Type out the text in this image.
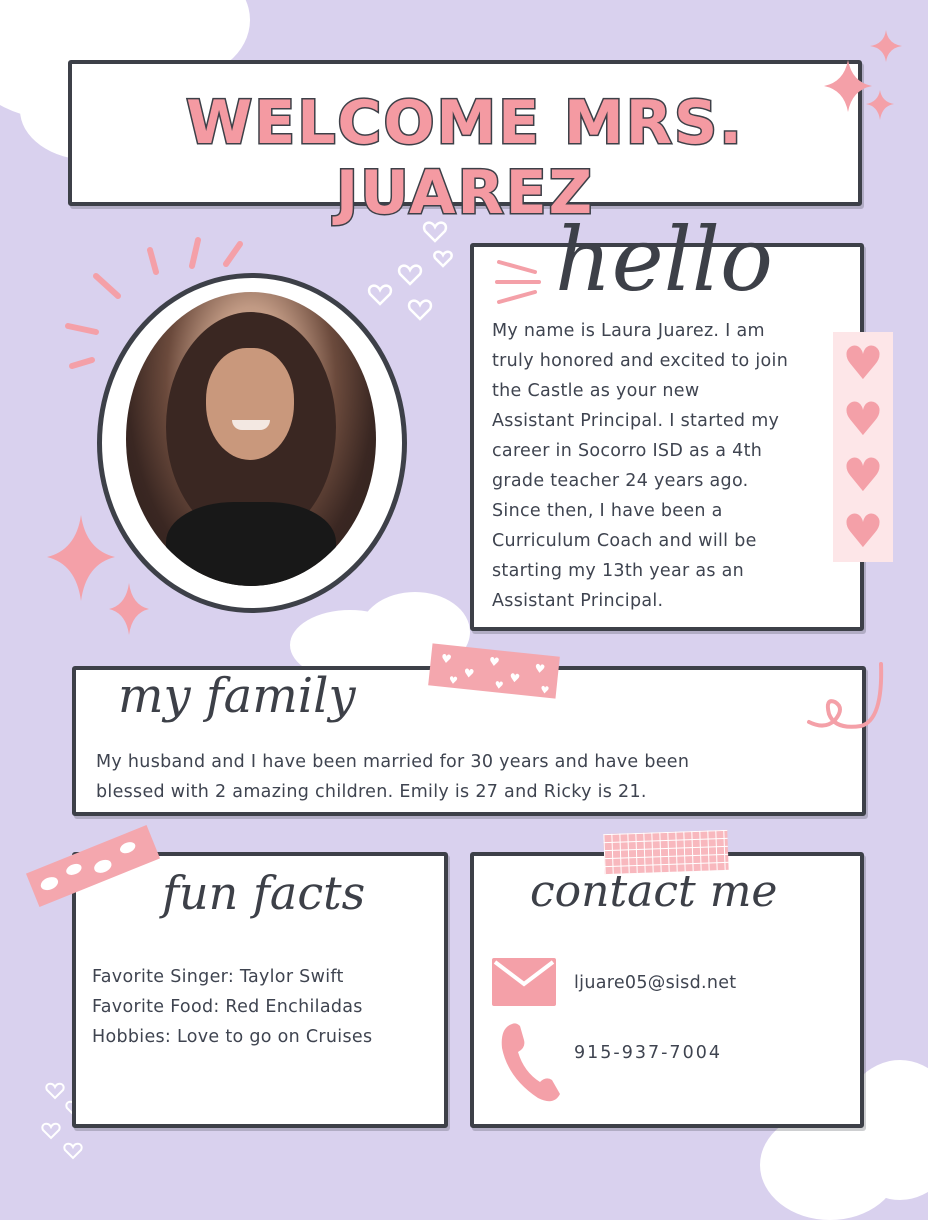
WELCOME MRS. JUAREZ
hello
My name is Laura Juarez. I am
truly honored and excited to join
the Castle as your new
Assistant Principal. I started my
career in Socorro ISD as a 4th
grade teacher 24 years ago.
Since then, I have been a
Curriculum Coach and will be
starting my 13th year as an
Assistant Principal.
♥
♥
♥
♥
♥
♥
♥
♥
♥
♥	♥	♥
my family
My husband and I have been married for 30 years and have been
blessed with 2 amazing children. Emily is 27 and Ricky is 21.
fun facts
Favorite Singer: Taylor Swift
Favorite Food: Red Enchiladas
Hobbies: Love to go on Cruises
contact me
ljuare05@sisd.net
915-937-7004
